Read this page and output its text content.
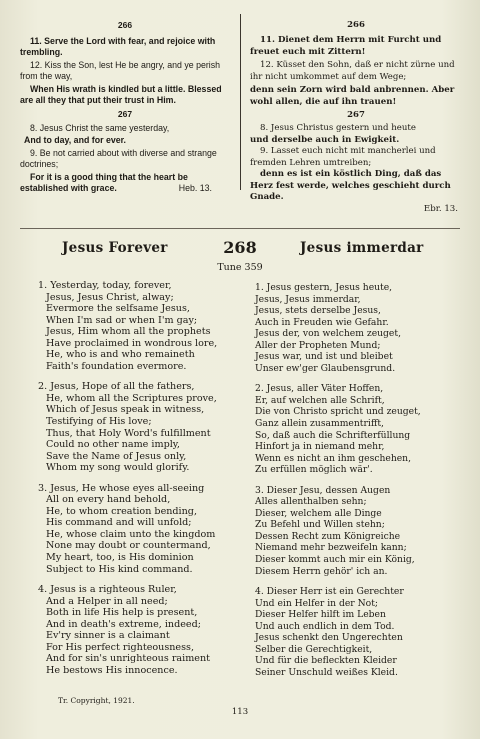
266

11. Serve the Lord with fear, and rejoice with trembling.

12. Kiss the Son, lest He be angry, and ye perish from the way,

When His wrath is kindled but a little. Blessed are all they that put their trust in Him.

267

8. Jesus Christ the same yesterday,

And to day, and for ever.

9. Be not carried about with diverse and strange doctrines;

For it is a good thing that the heart be established with grace.	Heb. 13.

266

11. Dienet dem Herrn mit Furcht und freuet euch mit Zittern!

12. Küsset den Sohn, daß er nicht zürne und ihr nicht umkommet auf dem Wege;

denn sein Zorn wird bald anbrennen. Aber wohl allen, die auf ihn trauen!

267

8. Jesus Christus gestern und heute

und derselbe auch in Ewigkeit.

9. Lasset euch nicht mit mancherlei und fremden Lehren umtreiben;

denn es ist ein köstlich Ding, daß das Herz fest werde, welches geschieht durch Gnade.

Ebr. 13.

Jesus Forever	268	Jesus immerdar
Tune 359
1. Yesterday, today, forever,
Jesus, Jesus Christ, alway;
Evermore the selfsame Jesus,
When I'm sad or when I'm gay;
Jesus, Him whom all the prophets
Have proclaimed in wondrous lore,
He, who is and who remaineth
Faith's foundation evermore.
2. Jesus, Hope of all the fathers,
He, whom all the Scriptures prove,
Which of Jesus speak in witness,
Testifying of His love;
Thus, that Holy Word's fulfillment
Could no other name imply,
Save the Name of Jesus only,
Whom my song would glorify.
3. Jesus, He whose eyes all-seeing
All on every hand behold,
He, to whom creation bending,
His command and will unfold;
He, whose claim unto the kingdom
None may doubt or countermand,
My heart, too, is His dominion
Subject to His kind command.
4. Jesus is a righteous Ruler,
And a Helper in all need;
Both in life His help is present,
And in death's extreme, indeed;
Ev'ry sinner is a claimant
For His perfect righteousness,
And for sin's unrighteous raiment
He bestows His innocence.
1. Jesus gestern, Jesus heute,
Jesus, Jesus immerdar,
Jesus, stets derselbe Jesus,
Auch in Freuden wie Gefahr.
Jesus der, von welchem zeuget,
Aller der Propheten Mund;
Jesus war, und ist und bleibet
Unser ew'ger Glaubensgrund.
2. Jesus, aller Väter Hoffen,
Er, auf welchen alle Schrift,
Die von Christo spricht und zeuget,
Ganz allein zusammentrifft,
So, daß auch die Schrifterfüllung
Hinfort ja in niemand mehr,
Wenn es nicht an ihm geschehen,
Zu erfüllen möglich wär'.
3. Dieser Jesu, dessen Augen
Alles allenthalben sehn;
Dieser, welchem alle Dinge
Zu Befehl und Willen stehn;
Dessen Recht zum Königreiche
Niemand mehr bezweifeln kann;
Dieser kommt auch mir ein König,
Diesem Herrn gehör' ich an.
4. Dieser Herr ist ein Gerechter
Und ein Helfer in der Not;
Dieser Helfer hilft im Leben
Und auch endlich in dem Tod.
Jesus schenkt den Ungerechten
Selber die Gerechtigkeit,
Und für die befleckten Kleider
Seiner Unschuld weißes Kleid.
Tr. Copyright, 1921.
113
